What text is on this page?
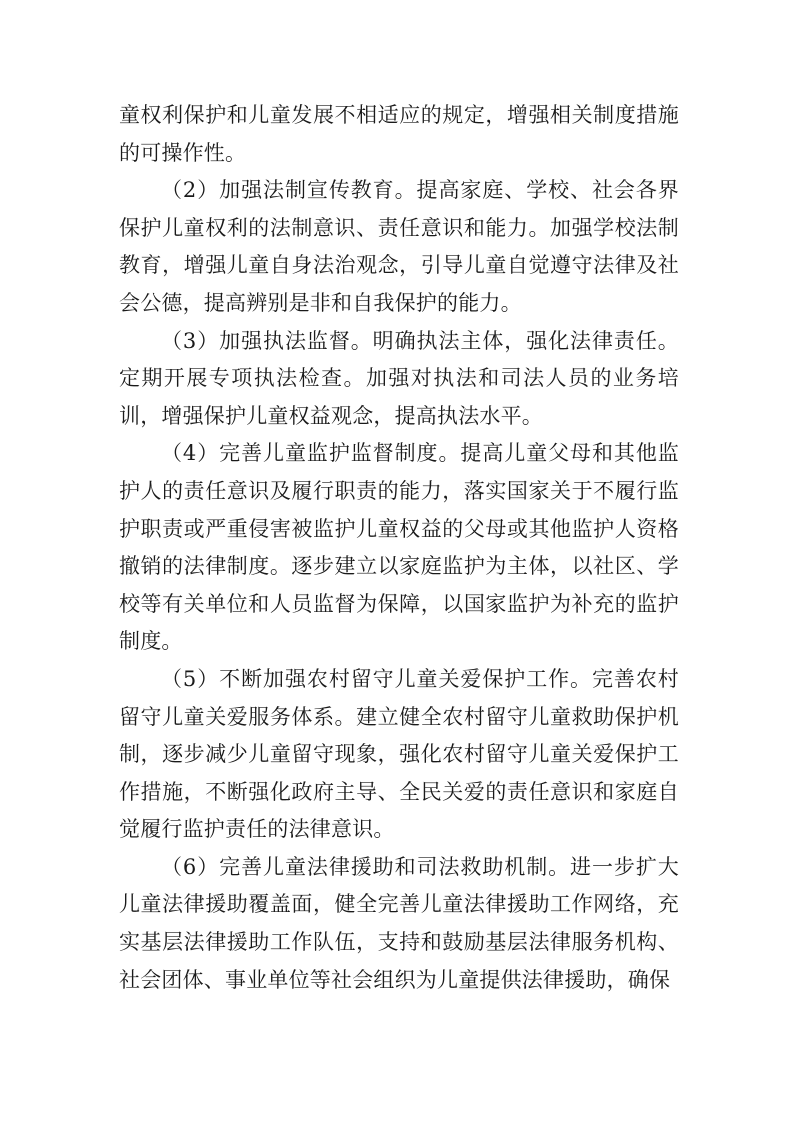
童权利保护和儿童发展不相适应的规定，增强相关制度措施的可操作性。

（2）加强法制宣传教育。提高家庭、学校、社会各界保护儿童权利的法制意识、责任意识和能力。加强学校法制教育，增强儿童自身法治观念，引导儿童自觉遵守法律及社会公德，提高辨别是非和自我保护的能力。

（3）加强执法监督。明确执法主体，强化法律责任。定期开展专项执法检查。加强对执法和司法人员的业务培训，增强保护儿童权益观念，提高执法水平。

（4）完善儿童监护监督制度。提高儿童父母和其他监护人的责任意识及履行职责的能力，落实国家关于不履行监护职责或严重侵害被监护儿童权益的父母或其他监护人资格撤销的法律制度。逐步建立以家庭监护为主体，以社区、学校等有关单位和人员监督为保障，以国家监护为补充的监护制度。

（5）不断加强农村留守儿童关爱保护工作。完善农村留守儿童关爱服务体系。建立健全农村留守儿童救助保护机制，逐步减少儿童留守现象，强化农村留守儿童关爱保护工作措施，不断强化政府主导、全民关爱的责任意识和家庭自觉履行监护责任的法律意识。

（6）完善儿童法律援助和司法救助机制。进一步扩大儿童法律援助覆盖面，健全完善儿童法律援助工作网络，充实基层法律援助工作队伍，支持和鼓励基层法律服务机构、社会团体、事业单位等社会组织为儿童提供法律援助，确保
